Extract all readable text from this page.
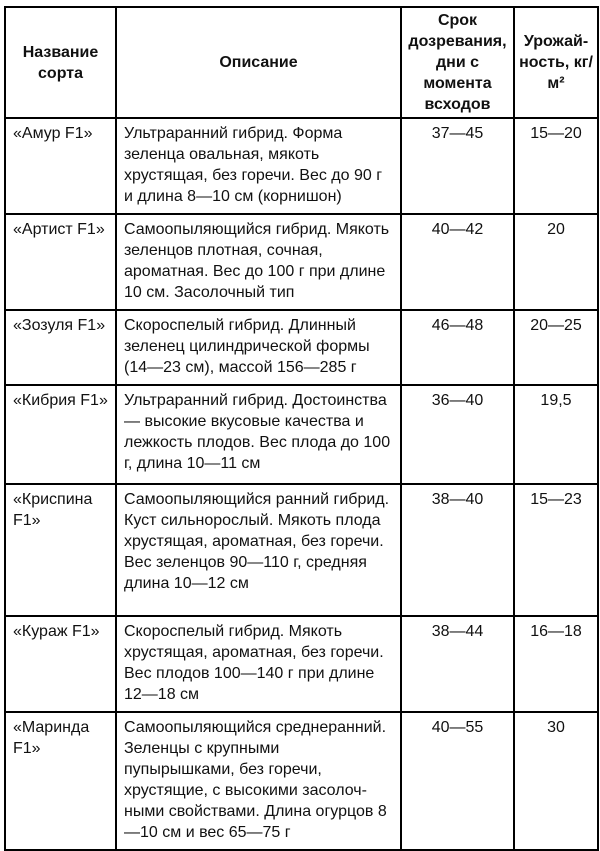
Название сорта	Описание	Срок дозревания, дни с момента всходов	Урожайность, кг/м²
«Амур F1»	Ультраранний гибрид. Форма зеленца овальная, мякоть хрустящая, без горечи. Вес до 90 г и длина 8—10 см (корнишон)	37—45	15—20
«Артист F1»	Самоопыляющийся гибрид. Мякоть зеленцов плотная, сочная, ароматная. Вес до 100 г при длине 10 см. Засолочный тип	40—42	20
«Зозуля F1»	Скороспелый гибрид. Длинный зеленец цилиндрической формы (14—23 см), массой 156—285 г	46—48	20—25
«Кибрия F1»	Ультраранний гибрид. Достоинства — высокие вкусовые качества и лежкость плодов. Вес плода до 100 г, длина 10—11 см	36—40	19,5
«Криспина F1»	Самоопыляющийся ранний гибрид. Куст сильнорослый. Мякоть плода хрустящая, ароматная, без горечи. Вес зеленцов 90—110 г, средняя длина 10—12 см	38—40	15—23
«Кураж F1»	Скороспелый гибрид. Мякоть хрустящая, ароматная, без горечи. Вес плодов 100—140 г при длине 12—18 см	38—44	16—18
«Маринда F1»	Самоопыляющийся среднеранний. Зеленцы с крупными пупырышками, без горечи, хрустящие, с высокими засолочными свойствами. Длина огурцов 8—10 см и вес 65—75 г	40—55	30
